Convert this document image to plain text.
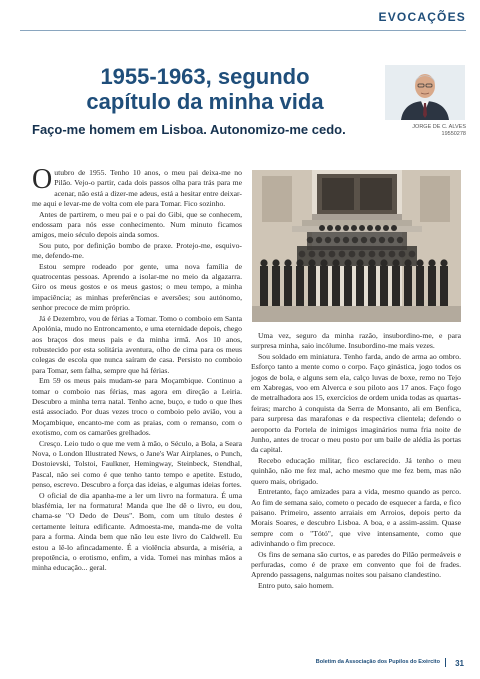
EVOCAÇÕES
1955-1963, segundo
capítulo da minha vida
Faço-me homem em Lisboa. Autonomizo-me cedo.	JORGE DE C. ALVES
19550278

Outubro de 1955. Tenho 10 anos, o meu pai deixa-me no Pilão. Vejo-o partir, cada dois passos olha para trás para me acenar, não está a dizer-me adeus, está a hesitar entre deixar-me aqui e levar-me de volta com ele para Tomar. Fico sozinho.

Antes de partirem, o meu pai e o pai do Gibi, que se conhecem, endossam para nós esse conhecimento. Num minuto ficamos amigos, meio século depois ainda somos.

Sou puto, por definição bombo de praxe. Protejo-me, esquivo-me, defendo-me.

Estou sempre rodeado por gente, uma nova família de quatrocentas pessoas. Aprendo a isolar-me no meio da algazarra. Giro os meus gostos e os meus gastos; o meu tempo, a minha impaciência; as minhas preferências e aversões; sou autónomo, senhor precoce de mim próprio.

Já é Dezembro, vou de férias a Tomar. Tomo o comboio em Santa Apolónia, mudo no Entroncamento, e uma eternidade depois, chego aos braços dos meus pais e da minha irmã. Aos 10 anos, robustecido por esta solitária aventura, olho de cima para os meus colegas de escola que nunca saíram de casa. Persisto no comboio para Tomar, sem falha, sempre que há férias.

Em 59 os meus pais mudam-se para Moçambique. Continuo a tomar o comboio nas férias, mas agora em direção a Leiria. Descubro a minha terra natal. Tenho acne, buço, e tudo o que lhes está associado. Por duas vezes troco o comboio pelo avião, vou a Moçambique, encanto-me com as praias, com o remanso, com o exotismo, com os camarões grelhados.

Cresço. Leio tudo o que me vem à mão, o Século, a Bola, a Seara Nova, o London Illustrated News, o Jane's War Airplanes, o Punch, Dostoievski, Tolstoi, Faulkner, Hemingway, Steinbeck, Stendhal, Pascal, não sei como é que tenho tanto tempo e apetite. Estudo, penso, escrevo. Descubro a força das ideias, e algumas ideias fortes.

O oficial de dia apanha-me a ler um livro na formatura. É uma blasfémia, ler na formatura! Manda que lhe dê o livro, eu dou, chama-se "O Dedo de Deus". Bom, com um título destes é certamente leitura edificante. Admoesta-me, manda-me de volta para a forma. Ainda bem que não leu este livro do Caldwell. Eu estou a lê-lo afincadamente. É a violência absurda, a miséria, a prepotência, o erotismo, enfim, a vida. Tomei nas minhas mãos a minha educação... geral.

Uma vez, seguro da minha razão, insubordino-me, e para surpresa minha, saio incólume. Insubordino-me mais vezes.

Sou soldado em miniatura. Tenho farda, ando de arma ao ombro. Esforço tanto a mente como o corpo. Faço ginástica, jogo todos os jogos de bola, e alguns sem ela, calço luvas de boxe, remo no Tejo em Xabregas, voo em Alverca e sou piloto aos 17 anos. Faço fogo de metralhadora aos 15, exercícios de ordem unida todas as quartas-feiras; marcho à conquista da Serra de Monsanto, ali em Benfica, para surpresa das marafonas e da respectiva clientela; defendo o aeroporto da Portela de inimigos imaginários numa fria noite de Junho, antes de trocar o meu posto por um baile de alédia às portas da capital.

Recebo educação militar, fico esclarecido. Já tenho o meu quinhão, não me fez mal, acho mesmo que me fez bem, mas não quero mais, obrigado.

Entretanto, faço amizades para a vida, mesmo quando as perco. Ao fim de semana saio, cometo o pecado de esquecer a farda, e fico paisano. Primeiro, assento arraiais em Arroios, depois perto da Morais Soares, e descubro Lisboa. A boa, e a assim-assim. Quase sempre com o "Tótó", que vive intensamente, como que adivinhando o fim precoce.

Os fins de semana são curtos, e as paredes do Pilão permeáveis e perfuradas, como é de praxe em convento que foi de frades. Aprendo passagens, nalgumas noites sou paisano clandestino.

Entro puto, saio homem.

Boletim da Associação dos Pupilos do Exército 31
